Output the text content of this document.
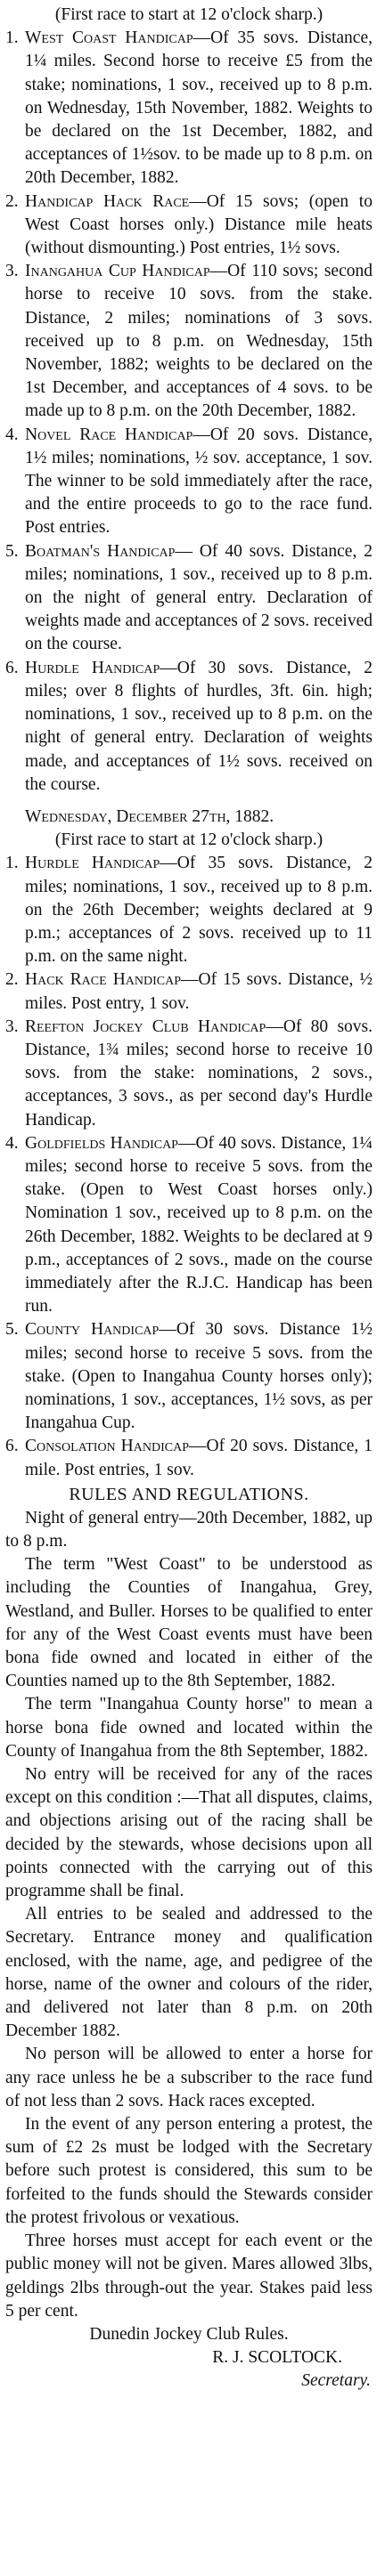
(First race to start at 12 o'clock sharp.)

1. West Coast Handicap—Of 35 sovs. Distance, 1¼ miles. Second horse to receive £5 from the stake; nominations, 1 sov., received up to 8 p.m. on Wednesday, 15th November, 1882. Weights to be declared on the 1st December, 1882, and acceptances of 1½sov. to be made up to 8 p.m. on 20th December, 1882.

2. Handicap Hack Race—Of 15 sovs; (open to West Coast horses only.) Distance mile heats (without dismounting.) Post entries, 1½ sovs.

3. Inangahua Cup Handicap—Of 110 sovs; second horse to receive 10 sovs. from the stake. Distance, 2 miles; nominations of 3 sovs. received up to 8 p.m. on Wednesday, 15th November, 1882; weights to be declared on the 1st December, and acceptances of 4 sovs. to be made up to 8 p.m. on the 20th December, 1882.

4. Novel Race Handicap—Of 20 sovs. Distance, 1½ miles; nominations, ½ sov. acceptance, 1 sov. The winner to be sold immediately after the race, and the entire proceeds to go to the race fund. Post entries.

5. Boatman's Handicap— Of 40 sovs. Distance, 2 miles; nominations, 1 sov., received up to 8 p.m. on the night of general entry. Declaration of weights made and acceptances of 2 sovs. received on the course.

6. Hurdle Handicap—Of 30 sovs. Distance, 2 miles; over 8 flights of hurdles, 3ft. 6in. high; nominations, 1 sov., received up to 8 p.m. on the night of general entry. Declaration of weights made, and acceptances of 1½ sovs. received on the course.

Wednesday, December 27th, 1882.

(First race to start at 12 o'clock sharp.)

1. Hurdle Handicap—Of 35 sovs. Distance, 2 miles; nominations, 1 sov., received up to 8 p.m. on the 26th December; weights declared at 9 p.m.; acceptances of 2 sovs. received up to 11 p.m. on the same night.

2. Hack Race Handicap—Of 15 sovs. Distance, ½ miles. Post entry, 1 sov.

3. Reefton Jockey Club Handicap—Of 80 sovs. Distance, 1¾ miles; second horse to receive 10 sovs. from the stake: nominations, 2 sovs., acceptances, 3 sovs., as per second day's Hurdle Handicap.

4. Goldfields Handicap—Of 40 sovs. Distance, 1¼ miles; second horse to receive 5 sovs. from the stake. (Open to West Coast horses only.) Nomination 1 sov., received up to 8 p.m. on the 26th December, 1882. Weights to be declared at 9 p.m., acceptances of 2 sovs., made on the course immediately after the R.J.C. Handicap has been run.

5. County Handicap—Of 30 sovs. Distance 1½ miles; second horse to receive 5 sovs. from the stake. (Open to Inangahua County horses only); nominations, 1 sov., acceptances, 1½ sovs, as per Inangahua Cup.

6. Consolation Handicap—Of 20 sovs. Distance, 1 mile. Post entries, 1 sov.

RULES AND REGULATIONS.

Night of general entry—20th December, 1882, up to 8 p.m.

The term "West Coast" to be understood as including the Counties of Inangahua, Grey, Westland, and Buller. Horses to be qualified to enter for any of the West Coast events must have been bona fide owned and located in either of the Counties named up to the 8th September, 1882.

The term "Inangahua County horse" to mean a horse bona fide owned and located within the County of Inangahua from the 8th September, 1882.

No entry will be received for any of the races except on this condition :—That all disputes, claims, and objections arising out of the racing shall be decided by the stewards, whose decisions upon all points connected with the carrying out of this programme shall be final.

All entries to be sealed and addressed to the Secretary. Entrance money and qualification enclosed, with the name, age, and pedigree of the horse, name of the owner and colours of the rider, and delivered not later than 8 p.m. on 20th December 1882.

No person will be allowed to enter a horse for any race unless he be a subscriber to the race fund of not less than 2 sovs. Hack races excepted.

In the event of any person entering a protest, the sum of £2 2s must be lodged with the Secretary before such protest is considered, this sum to be forfeited to the funds should the Stewards consider the protest frivolous or vexatious.

Three horses must accept for each event or the public money will not be given. Mares allowed 3lbs, geldings 2lbs through-out the year. Stakes paid less 5 per cent.

Dunedin Jockey Club Rules.

R. J. SCOLTOCK.

Secretary.
